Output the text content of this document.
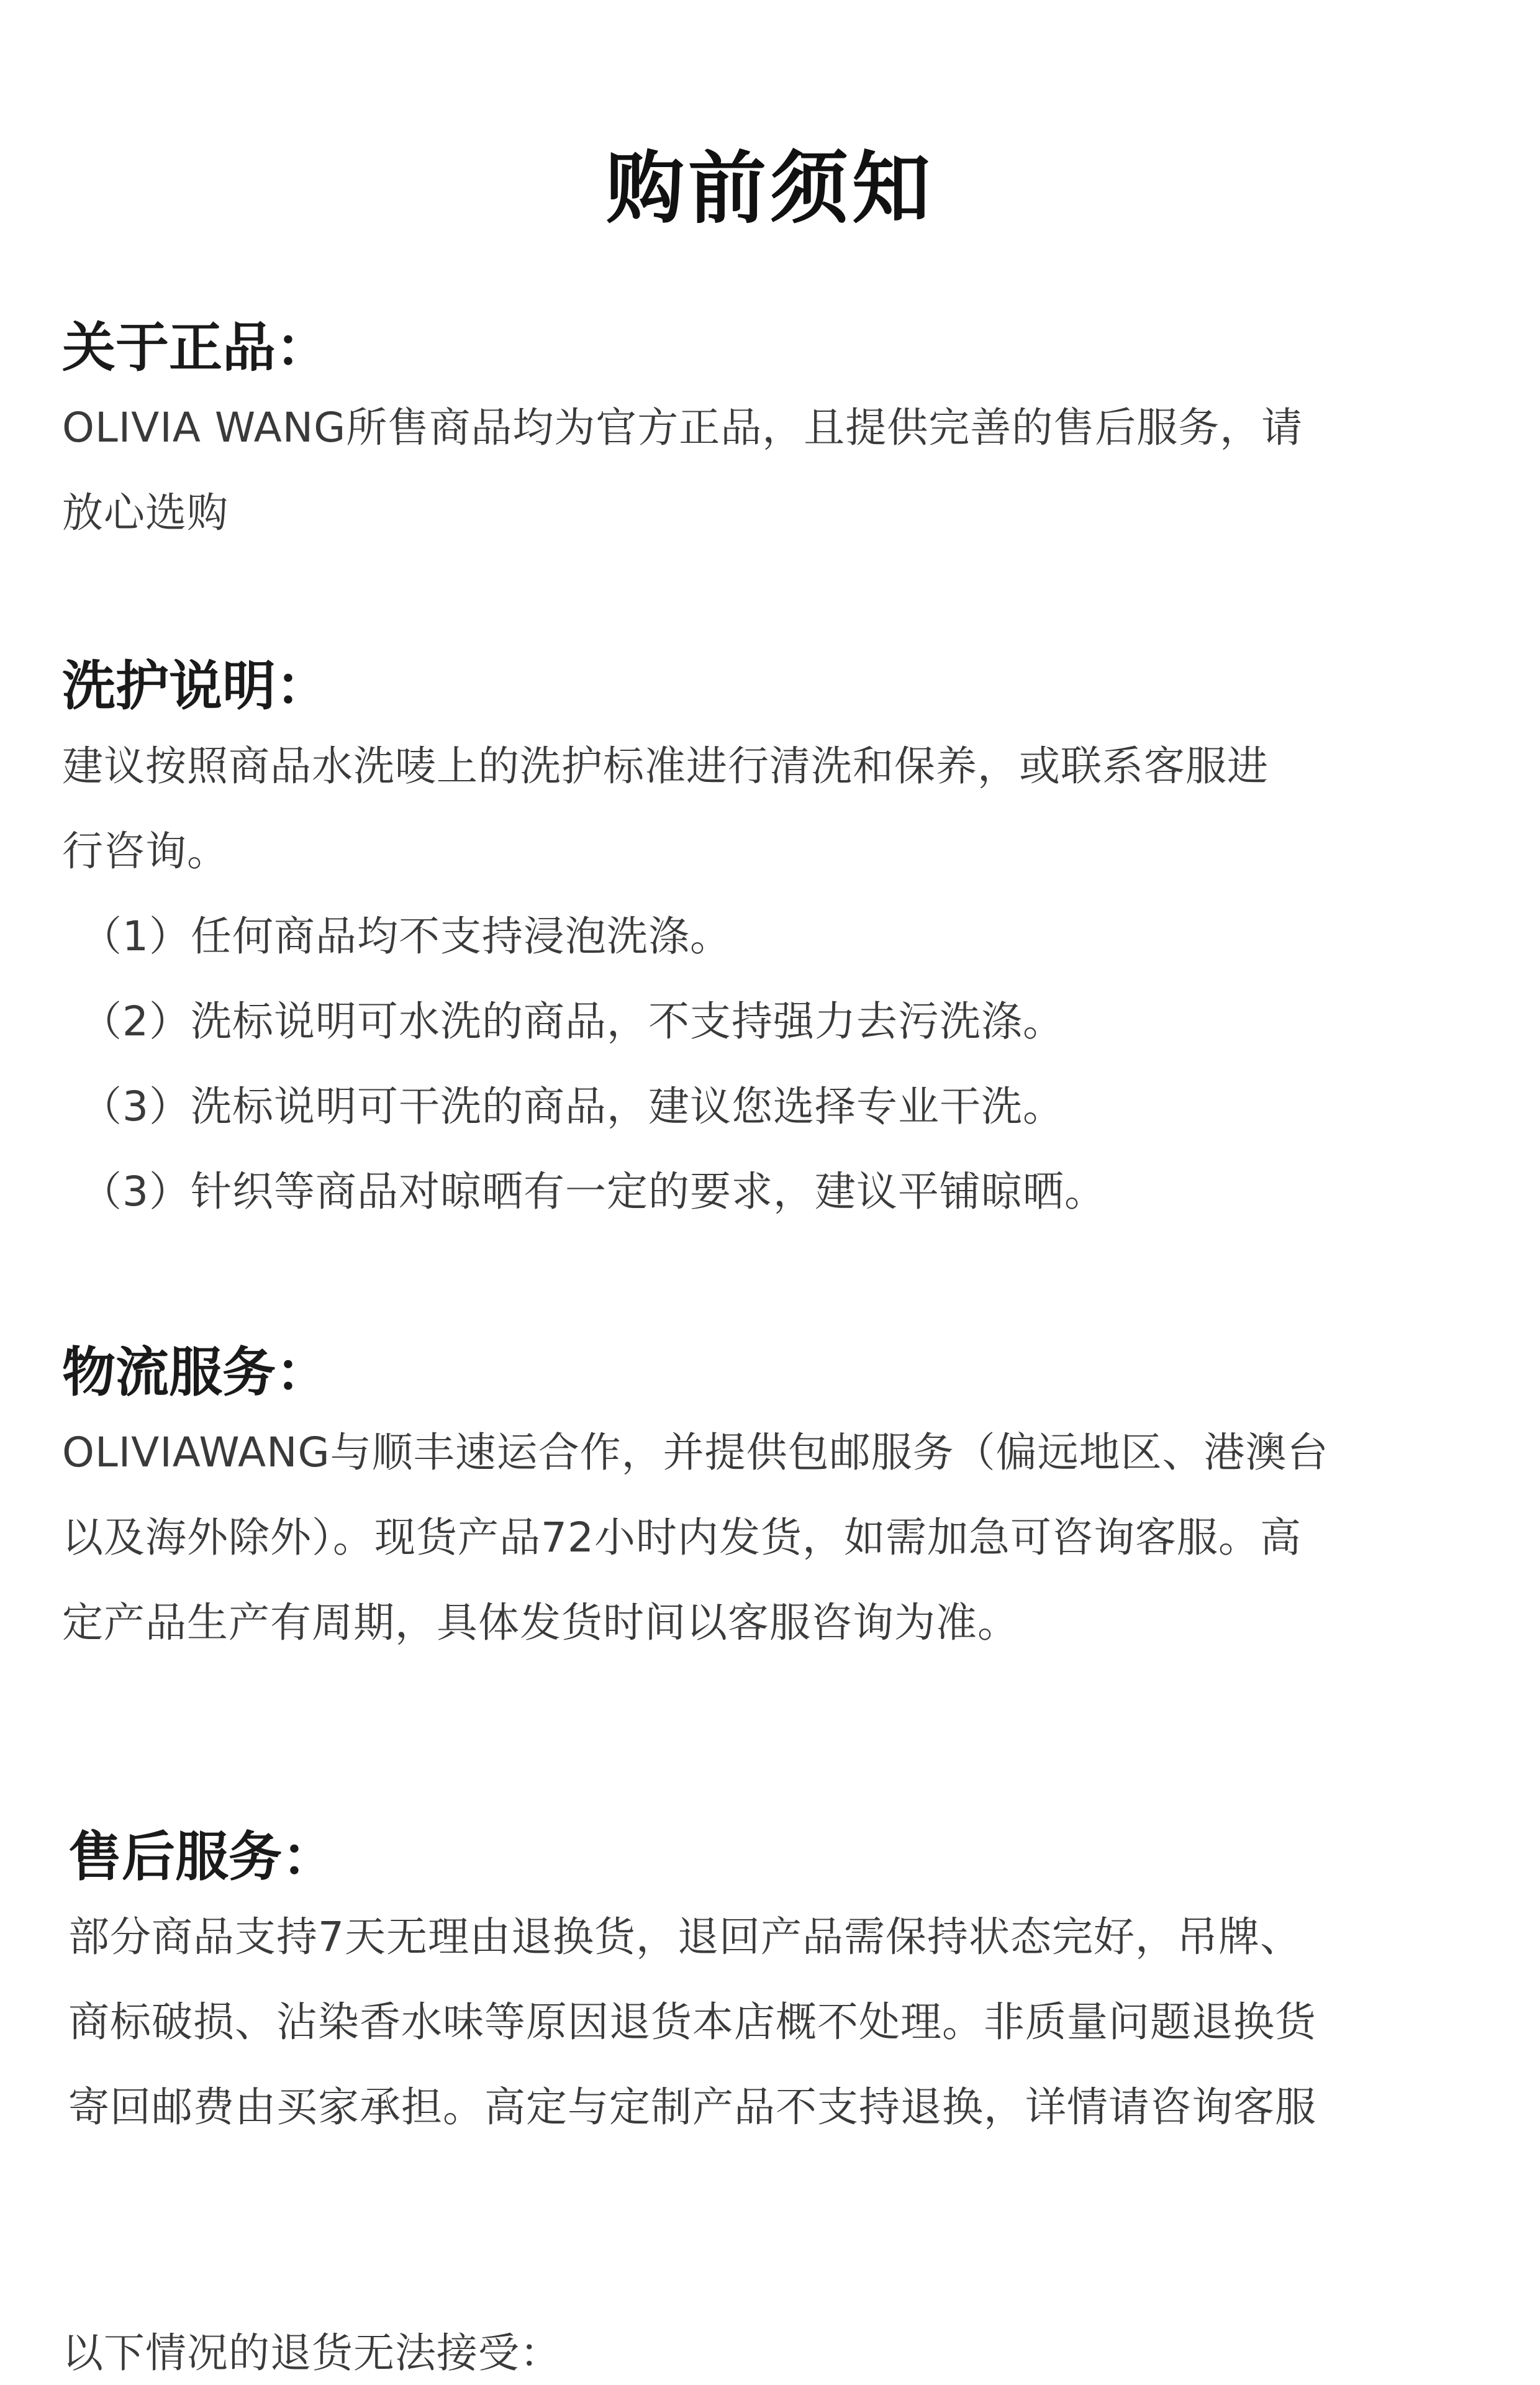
购前须知
关于正品：

OLIVIA WANG所售商品均为官方正品，且提供完善的售后服务，请

放心选购

洗护说明：

建议按照商品水洗唛上的洗护标准进行清洗和保养，或联系客服进

行咨询。

（1）任何商品均不支持浸泡洗涤。

（2）洗标说明可水洗的商品，不支持强力去污洗涤。

（3）洗标说明可干洗的商品，建议您选择专业干洗。

（3）针织等商品对晾晒有一定的要求，建议平铺晾晒。

物流服务：

OLIVIAWANG与顺丰速运合作，并提供包邮服务（偏远地区、港澳台

以及海外除外）。现货产品72小时内发货，如需加急可咨询客服。高

定产品生产有周期，具体发货时间以客服咨询为准。

售后服务：

部分商品支持7天无理由退换货，退回产品需保持状态完好，吊牌、

商标破损、沾染香水味等原因退货本店概不处理。非质量问题退换货

寄回邮费由买家承担。高定与定制产品不支持退换，详情请咨询客服

以下情况的退货无法接受：
